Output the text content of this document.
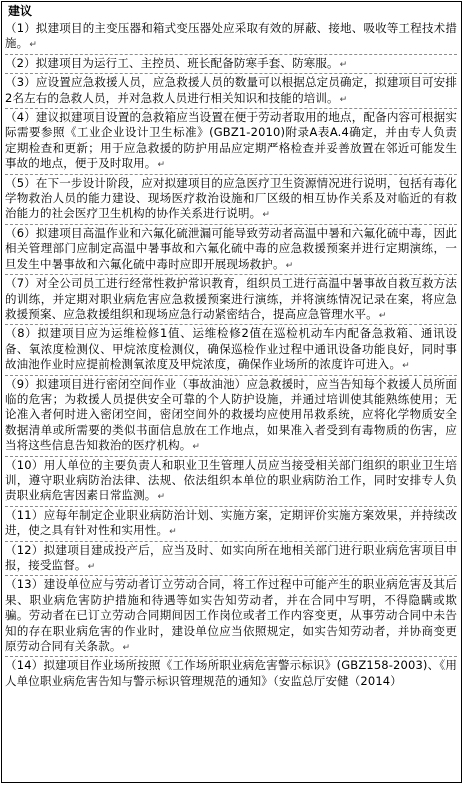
建议
（1）拟建项目的主变压器和箱式变压器处应采取有效的屏蔽、接地、吸收等工程技术措施。 ↵
（2）拟建项目为运行工、主控员、班长配备防寒手套、防寒服。 ↵
（3）应设置应急救援人员，应急救援人员的数量可以根据总定员确定，拟建项目可安排2名左右的急救人员，并对急救人员进行相关知识和技能的培训。 ↵
（4）建议拟建项目设置的急救箱应当设置在便于劳动者取用的地点，配备内容可根据实际需要参照《工业企业设计卫生标准》(GBZ1-2010)附录A表A.4确定，并由专人负责定期检查和更新；用于应急救援的防护用品应定期严格检查并妥善放置在邻近可能发生事故的地点，便于及时取用。 ↵
（5）在下一步设计阶段，应对拟建项目的应急医疗卫生资源情况进行说明，包括有毒化学物救治人员的能力建设、现场医疗救治设施和厂区级的相互协作关系及对临近的有救治能力的社会医疗卫生机构的协作关系进行说明。 ↵
（6）拟建项目高温作业和六氟化硫泄漏可能导致劳动者高温中暑和六氟化硫中毒，因此相关管理部门应制定高温中暑事故和六氟化硫中毒的应急救援预案并进行定期演练，一旦发生中暑事故和六氟化硫中毒时应即开展现场救护。 ↵
（7）对全公司员工进行经常性救护常识教育，组织员工进行高温中暑事故自救互救方法的训练，并定期对职业病危害应急救援预案进行演练，并将演练情况记录在案，将应急救援预案、应急救援组织和现场应急行动紧密结合，提高应急管理水平。 ↵
（8）拟建项目应为运维检修1值、运维检修2值在巡检机动车内配备急救箱、通讯设备、氧浓度检测仪、甲烷浓度检测仪，确保巡检作业过程中通讯设备功能良好，同时事故油池作业时应提前检测氧浓度及甲烷浓度，确保作业场所的浓度许可进入。 ↵
（9）拟建项目进行密闭空间作业（事故油池）应急救援时，应当告知每个救援人员所面临的危害；为救援人员提供安全可靠的个人防护设施，并通过培训使其能熟练使用；无论准入者何时进入密闭空间，密闭空间外的救援均应使用吊救系统，应将化学物质安全数据清单或所需要的类似书面信息放在工作地点，如果准入者受到有毒物质的伤害，应当将这些信息告知救治的医疗机构。 ↵
（10）用人单位的主要负责人和职业卫生管理人员应当接受相关部门组织的职业卫生培训，遵守职业病防治法律、法规、依法组织本单位的职业病防治工作，同时安排专人负责职业病危害因素日常监测。 ↵
（11）应每年制定企业职业病防治计划、实施方案，定期评价实施方案效果，并持续改进，使之具有针对性和实用性。 ↵
（12）拟建项目建成投产后，应当及时、如实向所在地相关部门进行职业病危害项目申报，接受监督。 ↵
（13）建设单位应与劳动者订立劳动合同，将工作过程中可能产生的职业病危害及其后果、职业病危害防护措施和待遇等如实告知劳动者，并在合同中写明，不得隐瞒或欺骗。劳动者在已订立劳动合同期间因工作岗位或者工作内容变更，从事劳动合同中未告知的存在职业病危害的作业时，建设单位应当依照规定，如实告知劳动者，并协商变更原劳动合同有关条款。 ↵
（14）拟建项目作业场所按照《工作场所职业病危害警示标识》(GBZ158-2003)、《用人单位职业病危害告知与警示标识管理规范的通知》（安监总厅安健（2014）
